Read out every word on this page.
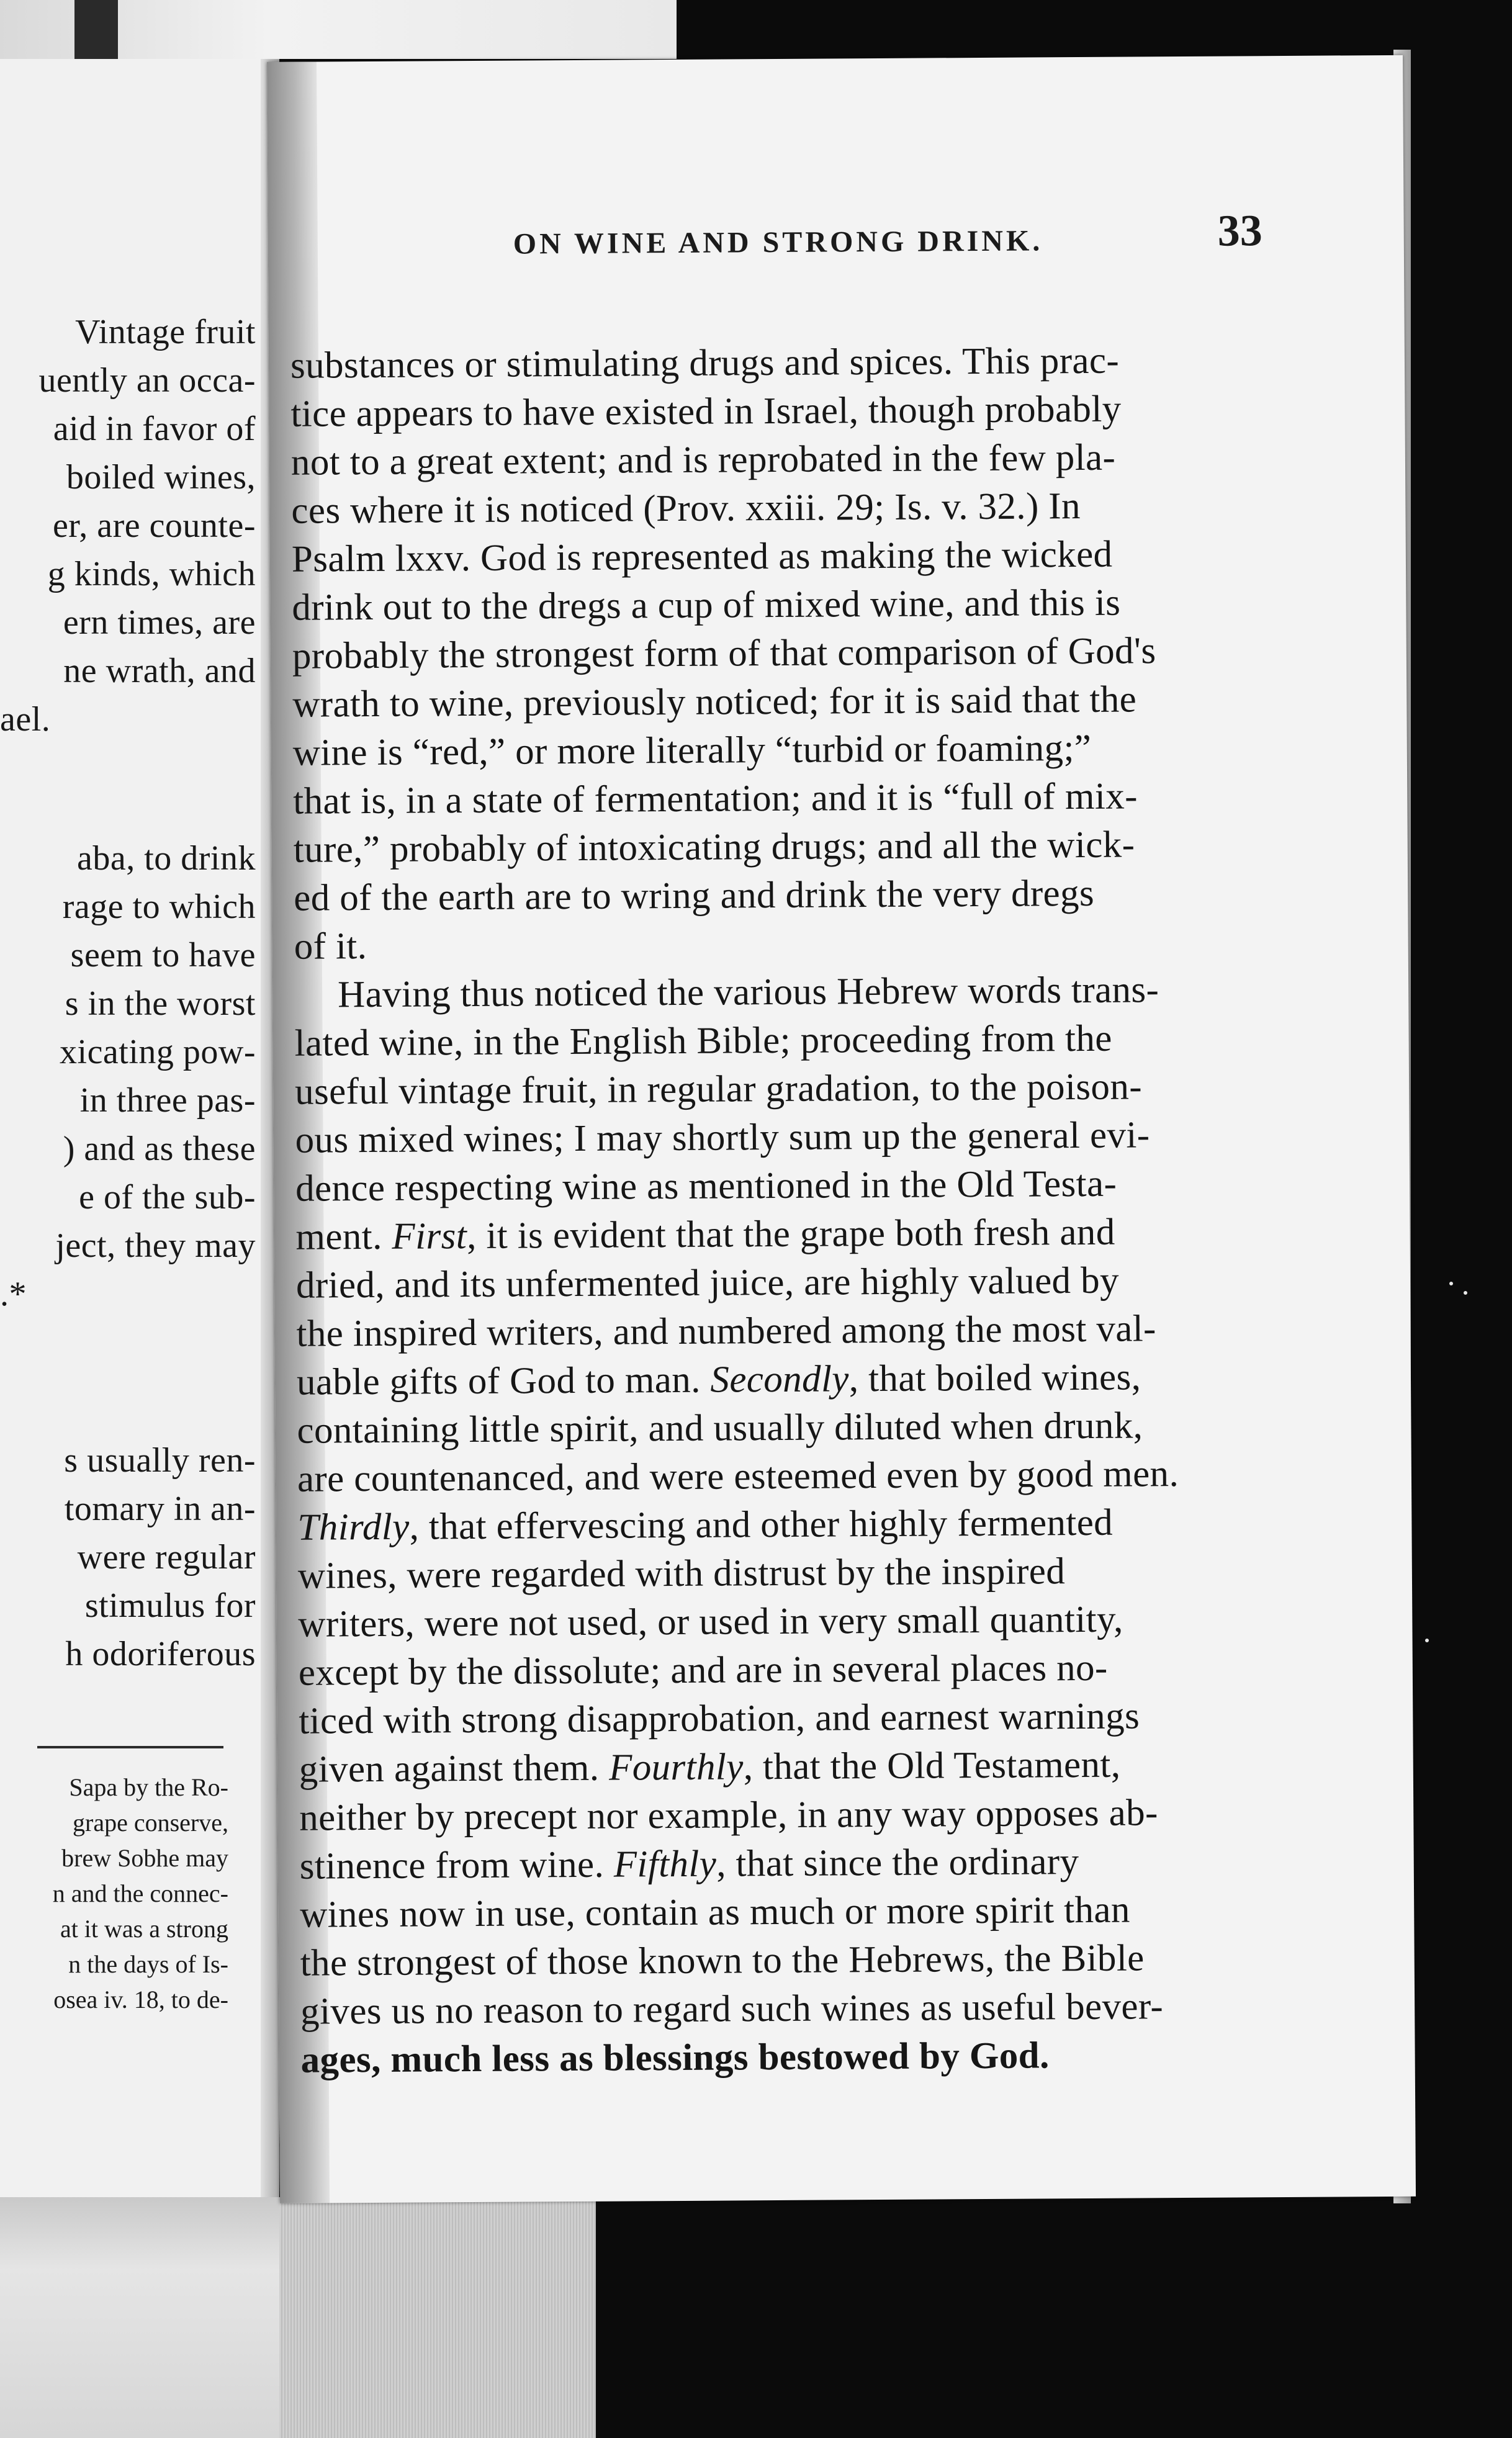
Vintage fruit
uently an occa-
aid in favor of
boiled wines,
er, are counte-
g kinds, which
ern times, are
ne wrath, and
ael.
aba, to drink
rage to which
seem to have
s in the worst
xicating pow-
in three pas-
) and as these
e of the sub-
ject, they may
.*
s usually ren-
tomary in an-
were regular
stimulus for
h odoriferous
Sapa by the Ro-
grape conserve,
brew Sobhe may
n and the connec-
at it was a strong
n the days of Is-
osea iv. 18, to de-
ON WINE AND STRONG DRINK.	33
substances or stimulating drugs and spices. This prac-
tice appears to have existed in Israel, though probably
not to a great extent; and is reprobated in the few pla-
ces where it is noticed (Prov. xxiii. 29; Is. v. 32.) In
Psalm lxxv. God is represented as making the wicked
drink out to the dregs a cup of mixed wine, and this is
probably the strongest form of that comparison of God's
wrath to wine, previously noticed; for it is said that the
wine is “red,” or more literally “turbid or foaming;”
that is, in a state of fermentation; and it is “full of mix-
ture,” probably of intoxicating drugs; and all the wick-
ed of the earth are to wring and drink the very dregs
of it.
Having thus noticed the various Hebrew words trans-
lated wine, in the English Bible; proceeding from the
useful vintage fruit, in regular gradation, to the poison-
ous mixed wines; I may shortly sum up the general evi-
dence respecting wine as mentioned in the Old Testa-
ment. First, it is evident that the grape both fresh and
dried, and its unfermented juice, are highly valued by
the inspired writers, and numbered among the most val-
uable gifts of God to man. Secondly, that boiled wines,
containing little spirit, and usually diluted when drunk,
are countenanced, and were esteemed even by good men.
Thirdly, that effervescing and other highly fermented
wines, were regarded with distrust by the inspired
writers, were not used, or used in very small quantity,
except by the dissolute; and are in several places no-
ticed with strong disapprobation, and earnest warnings
given against them. Fourthly, that the Old Testament,
neither by precept nor example, in any way opposes ab-
stinence from wine. Fifthly, that since the ordinary
wines now in use, contain as much or more spirit than
the strongest of those known to the Hebrews, the Bible
gives us no reason to regard such wines as useful bever-
ages, much less as blessings bestowed by God.
